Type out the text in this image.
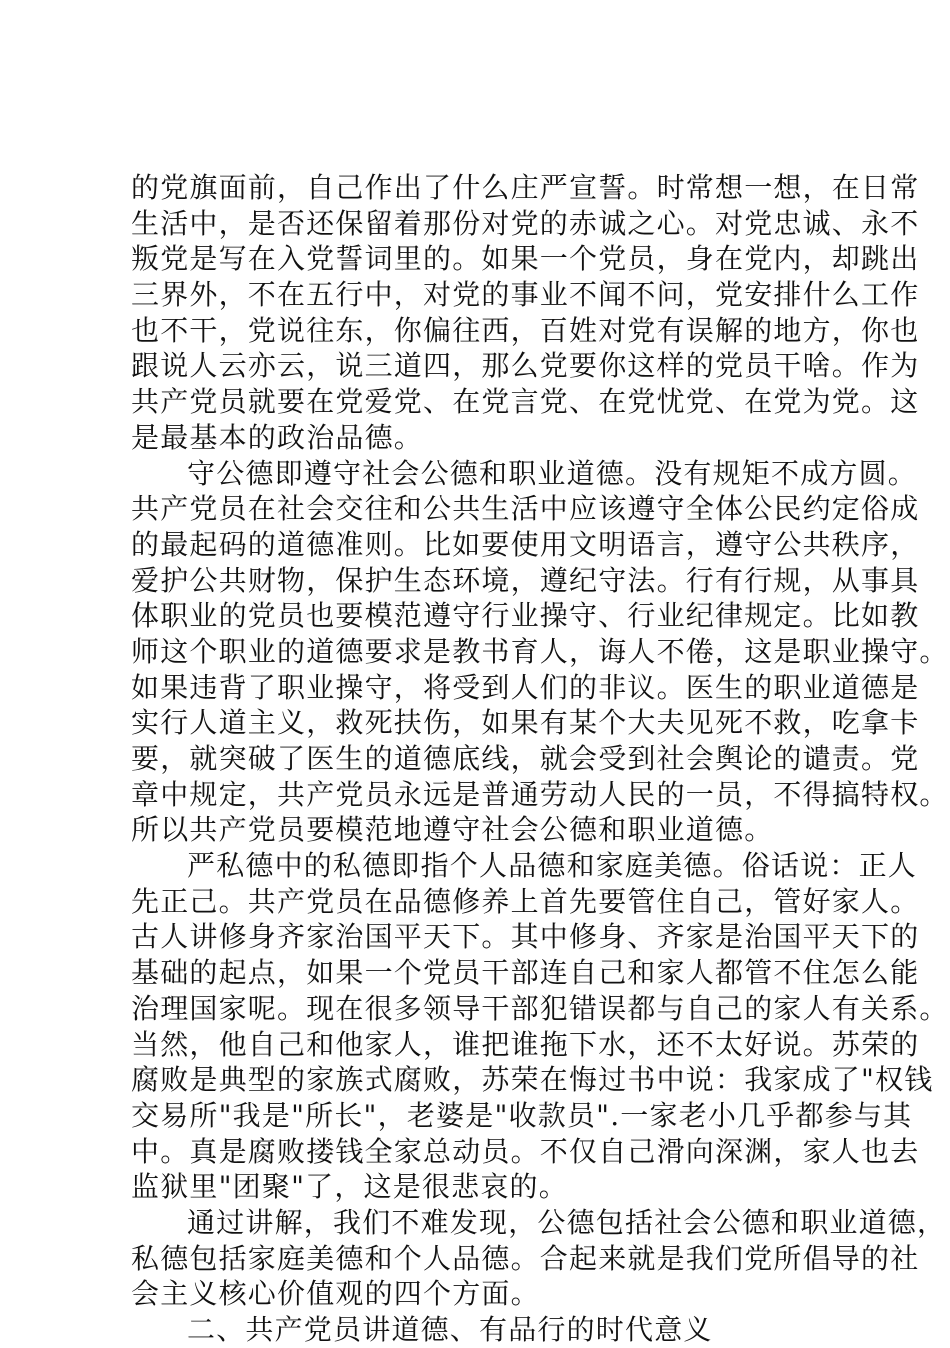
的党旗面前，自己作出了什么庄严宣誓。时常想一想，在日常
生活中，是否还保留着那份对党的赤诚之心。对党忠诚、永不
叛党是写在入党誓词里的。如果一个党员，身在党内，却跳出
三界外，不在五行中，对党的事业不闻不问，党安排什么工作
也不干，党说往东，你偏往西，百姓对党有误解的地方，你也
跟说人云亦云，说三道四，那么党要你这样的党员干啥。作为
共产党员就要在党爱党、在党言党、在党忧党、在党为党。这
是最基本的政治品德。
守公德即遵守社会公德和职业道德。没有规矩不成方圆。
共产党员在社会交往和公共生活中应该遵守全体公民约定俗成
的最起码的道德准则。比如要使用文明语言，遵守公共秩序，
爱护公共财物，保护生态环境，遵纪守法。行有行规，从事具
体职业的党员也要模范遵守行业操守、行业纪律规定。比如教
师这个职业的道德要求是教书育人，诲人不倦，这是职业操守。
如果违背了职业操守，将受到人们的非议。医生的职业道德是
实行人道主义，救死扶伤，如果有某个大夫见死不救，吃拿卡
要，就突破了医生的道德底线，就会受到社会舆论的谴责。党
章中规定，共产党员永远是普通劳动人民的一员，不得搞特权。
所以共产党员要模范地遵守社会公德和职业道德。
严私德中的私德即指个人品德和家庭美德。俗话说：正人
先正己。共产党员在品德修养上首先要管住自己，管好家人。
古人讲修身齐家治国平天下。其中修身、齐家是治国平天下的
基础的起点，如果一个党员干部连自己和家人都管不住怎么能
治理国家呢。现在很多领导干部犯错误都与自己的家人有关系。
当然，他自己和他家人，谁把谁拖下水，还不太好说。苏荣的
腐败是典型的家族式腐败，苏荣在悔过书中说：我家成了"权钱
交易所"我是"所长"，老婆是"收款员".一家老小几乎都参与其
中。真是腐败搂钱全家总动员。不仅自己滑向深渊，家人也去
监狱里"团聚"了，这是很悲哀的。
通过讲解，我们不难发现，公德包括社会公德和职业道德，
私德包括家庭美德和个人品德。合起来就是我们党所倡导的社
会主义核心价值观的四个方面。
二、共产党员讲道德、有品行的时代意义
